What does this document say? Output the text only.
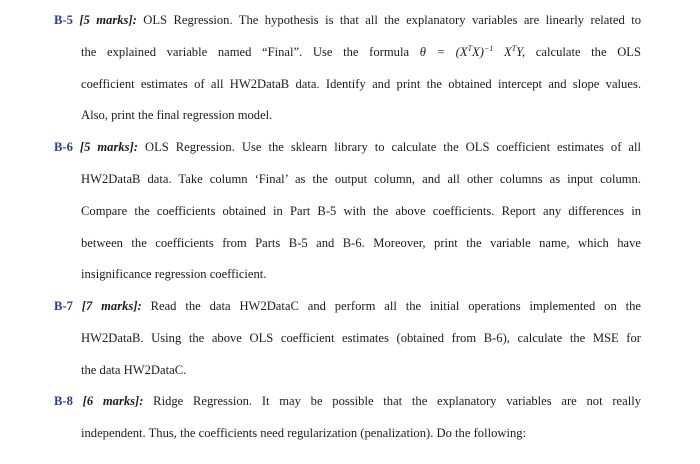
B-5 [5 marks]: OLS Regression. The hypothesis is that all the explanatory variables are linearly related to
the explained variable named “Final”. Use the formula $\theta = (X^TX)^{-1}$ $X^TY$, calculate the OLS
coefficient estimates of all HW2DataB data. Identify and print the obtained intercept and slope values.
Also, print the final regression model.
B-6 [5 marks]: OLS Regression. Use the sklearn library to calculate the OLS coefficient estimates of all
HW2DataB data. Take column ‘Final’ as the output column, and all other columns as input column.
Compare the coefficients obtained in Part B-5 with the above coefficients. Report any differences in
between the coefficients from Parts B-5 and B-6. Moreover, print the variable name, which have
insignificance regression coefficient.
B-7 [7 marks]: Read the data HW2DataC and perform all the initial operations implemented on the
HW2DataB. Using the above OLS coefficient estimates (obtained from B-6), calculate the MSE for
the data HW2DataC.
B-8 [6 marks]: Ridge Regression. It may be possible that the explanatory variables are not really
independent. Thus, the coefficients need regularization (penalization). Do the following:
